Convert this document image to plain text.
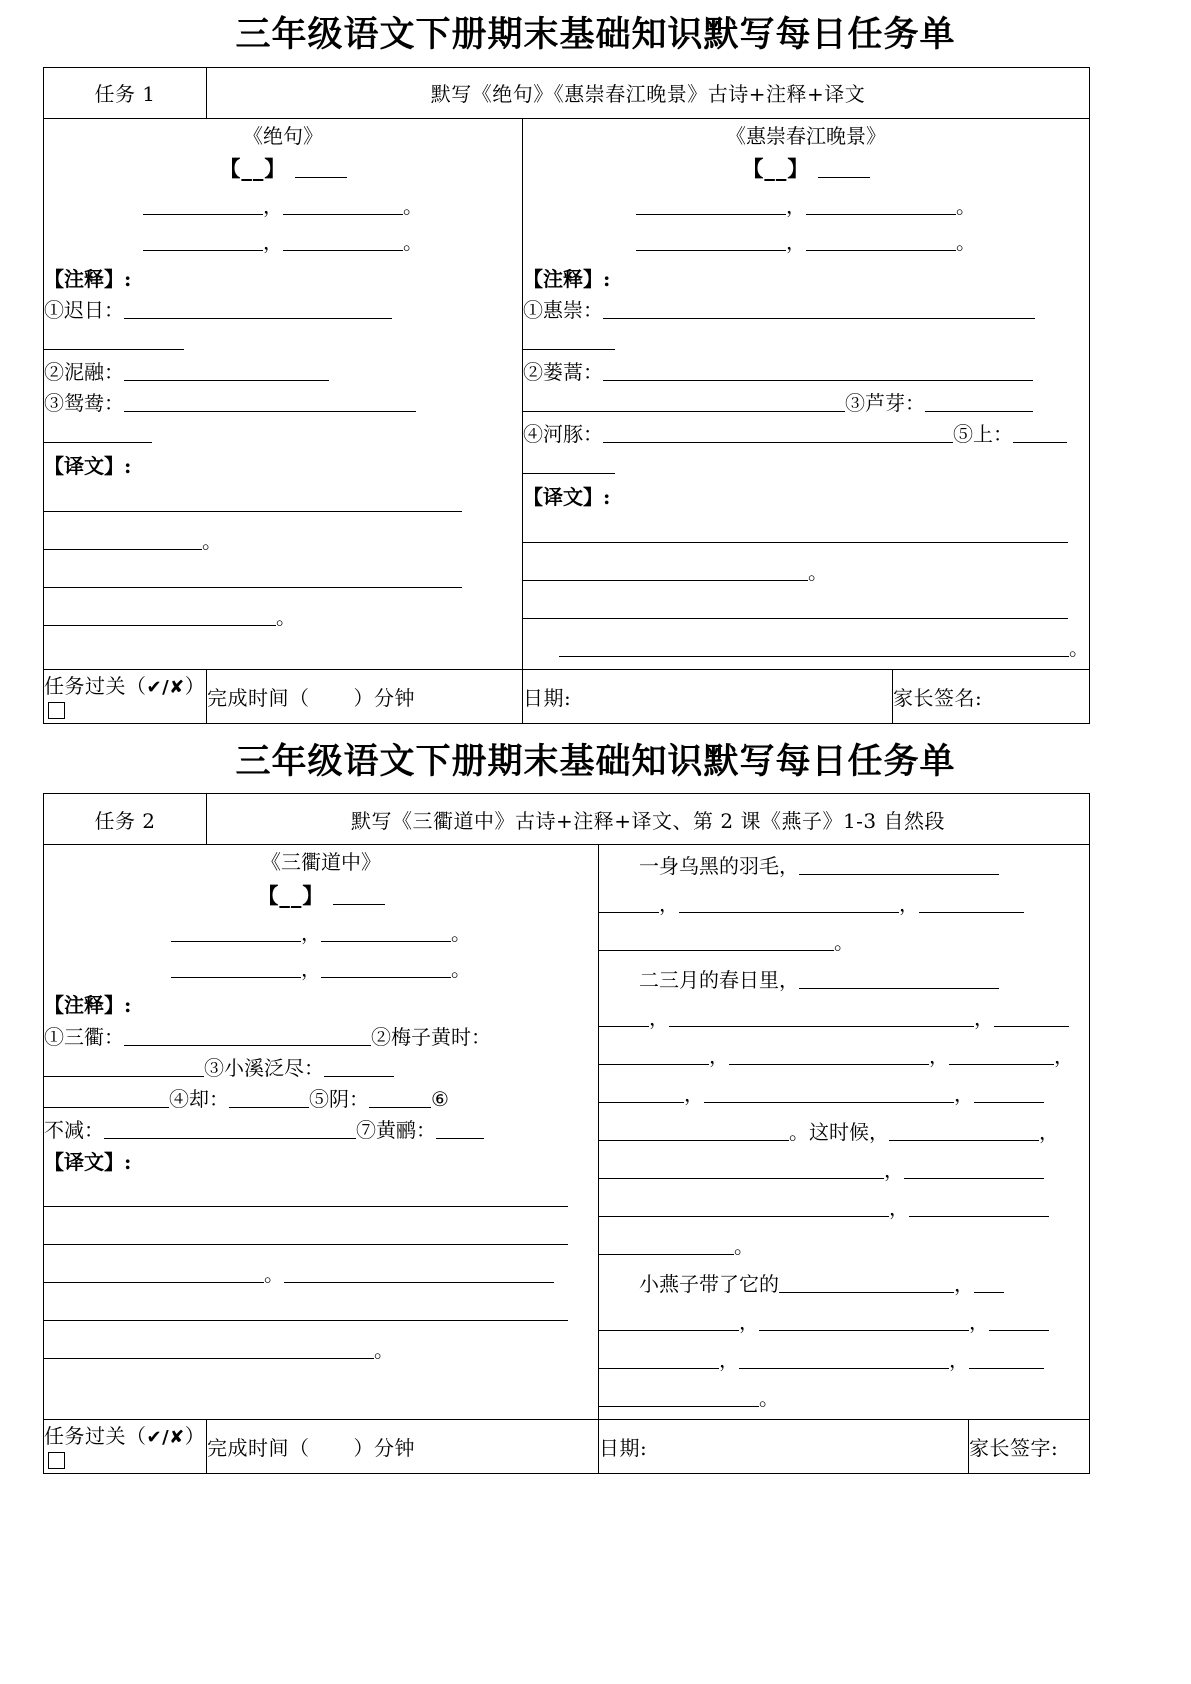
三年级语文下册期末基础知识默写每日任务单
任务 1	默写《绝句》《惠崇春江晚景》古诗+注释+译文		

《绝句》
【__】
，	。
，	。
【注释】:
①迟日：
②泥融：
③鸳鸯：
【译文】:
。
。

《惠崇春江晚景》
【__】
，	。
，	。
【注释】:
①惠崇：
②蒌蒿：
③芦芽：
④河豚：	⑤上：
【译文】:
。
。

任务过关（✔/✘）	完成时间（ ）分钟	日期:	家长签名:
三年级语文下册期末基础知识默写每日任务单
任务 2	默写《三衢道中》古诗+注释+译文、第 2 课《燕子》1-3 自然段		

《三衢道中》
【__】
，	。
，	。
【注释】:
①三衢：	②梅子黄时：
③小溪泛尽：
④却：	⑤阴：	⑥
不减：	⑦黄鹂：
【译文】:
。
。

一身乌黑的羽毛，
，	，
。
二三月的春日里，
，	，
，	，	，
，	，
。这时候，	，
，
，
。
小燕子带了它的	，
，	，
，	，
。

任务过关（✔/✘）	完成时间（ ）分钟	日期:	家长签字:
